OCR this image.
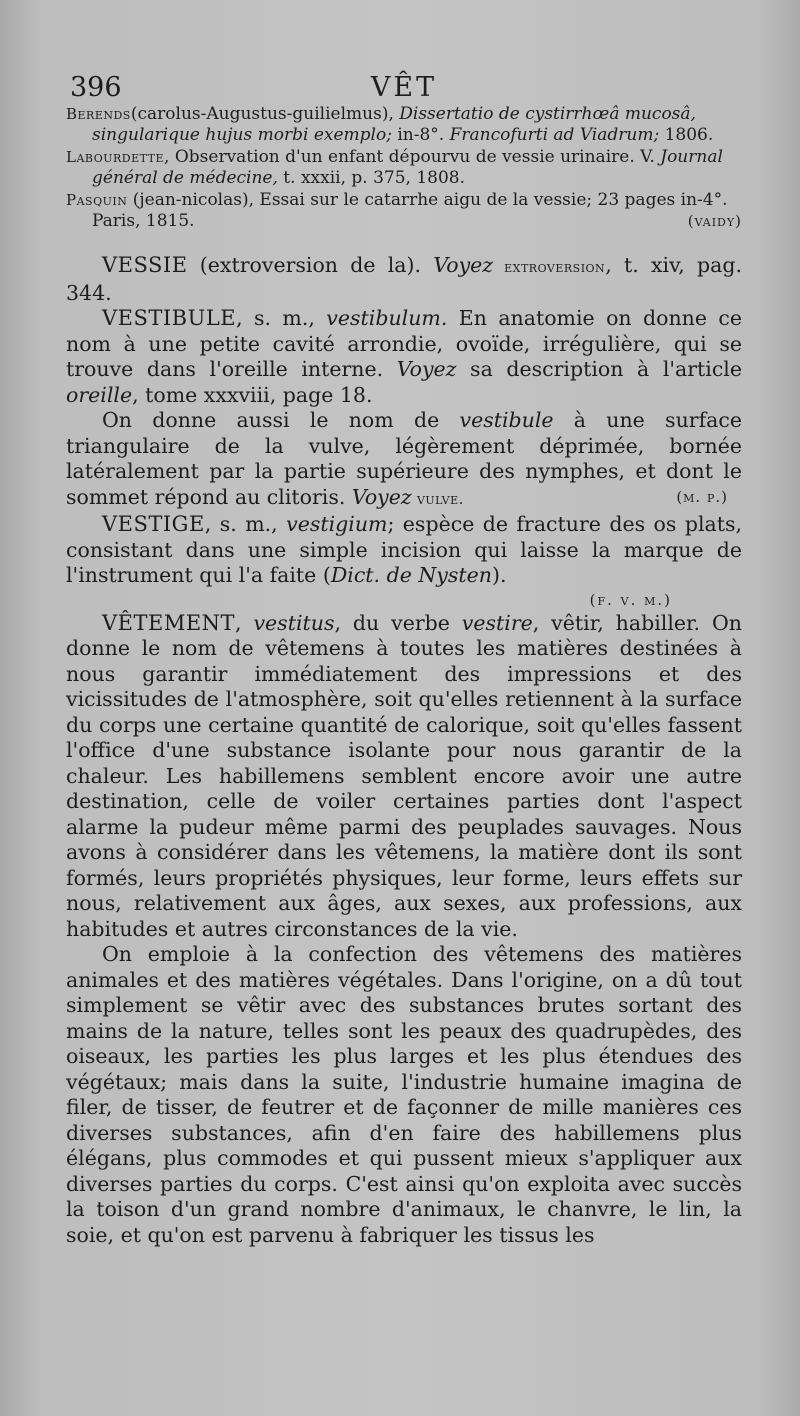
396	VÊT

Berends(carolus-Augustus-guilielmus), Dissertatio de cystirrhœâ mucosâ, singularique hujus morbi exemplo; in-8°. Francofurti ad Viadrum; 1806.

Labourdette, Observation d'un enfant dépourvu de vessie urinaire. V. Journal général de médecine, t. xxxii, p. 375, 1808.

Pasquin (jean-nicolas), Essai sur le catarrhe aigu de la vessie; 23 pages in-4°. Paris, 1815.	(vaidy)

VESSIE (extroversion de la). Voyez extroversion, t. xiv, pag. 344.

VESTIBULE, s. m., vestibulum. En anatomie on donne ce nom à une petite cavité arrondie, ovoïde, irrégulière, qui se trouve dans l'oreille interne. Voyez sa description à l'article oreille, tome xxxviii, page 18.

On donne aussi le nom de vestibule à une surface triangulaire de la vulve, légèrement déprimée, bornée latéralement par la partie supérieure des nymphes, et dont le sommet répond au clitoris. Voyez vulve.	(m. p.)

VESTIGE, s. m., vestigium; espèce de fracture des os plats, consistant dans une simple incision qui laisse la marque de l'instrument qui l'a faite (Dict. de Nysten).

(f. v. m.)

VÊTEMENT, vestitus, du verbe vestire, vêtir, habiller. On donne le nom de vêtemens à toutes les matières destinées à nous garantir immédiatement des impressions et des vicissitudes de l'atmosphère, soit qu'elles retiennent à la surface du corps une certaine quantité de calorique, soit qu'elles fassent l'office d'une substance isolante pour nous garantir de la chaleur. Les habillemens semblent encore avoir une autre destination, celle de voiler certaines parties dont l'aspect alarme la pudeur même parmi des peuplades sauvages. Nous avons à considérer dans les vêtemens, la matière dont ils sont formés, leurs propriétés physiques, leur forme, leurs effets sur nous, relativement aux âges, aux sexes, aux professions, aux habitudes et autres circonstances de la vie.

On emploie à la confection des vêtemens des matières animales et des matières végétales. Dans l'origine, on a dû tout simplement se vêtir avec des substances brutes sortant des mains de la nature, telles sont les peaux des quadrupèdes, des oiseaux, les parties les plus larges et les plus étendues des végétaux; mais dans la suite, l'industrie humaine imagina de filer, de tisser, de feutrer et de façonner de mille manières ces diverses substances, afin d'en faire des habillemens plus élégans, plus commodes et qui pussent mieux s'appliquer aux diverses parties du corps. C'est ainsi qu'on exploita avec succès la toison d'un grand nombre d'animaux, le chanvre, le lin, la soie, et qu'on est parvenu à fabriquer les tissus les
